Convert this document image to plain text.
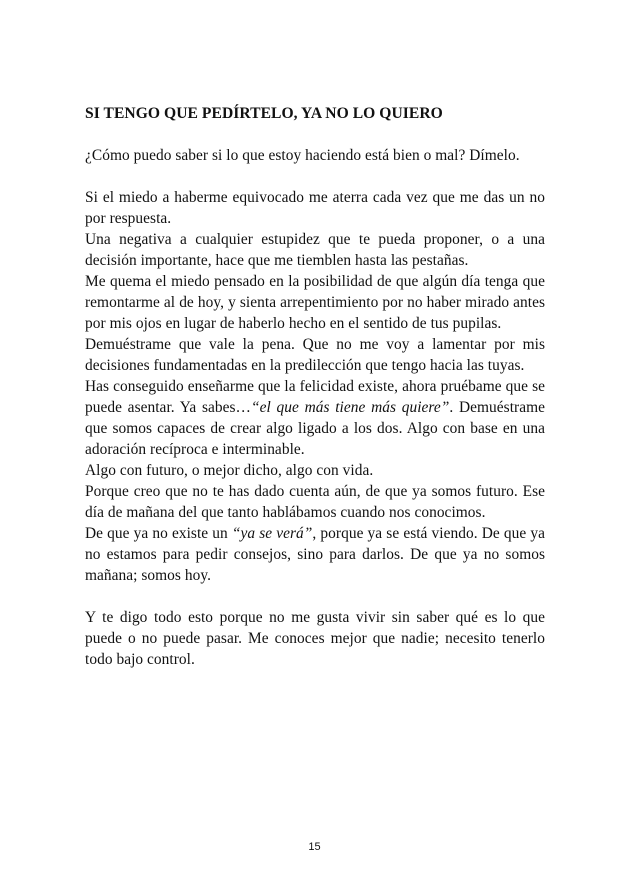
SI TENGO QUE PEDÍRTELO, YA NO LO QUIERO

¿Cómo puedo saber si lo que estoy haciendo está bien o mal? Dímelo.

Si el miedo a haberme equivocado me aterra cada vez que me das un no por respuesta.

Una negativa a cualquier estupidez que te pueda proponer, o a una decisión importante, hace que me tiemblen hasta las pestañas.

Me quema el miedo pensado en la posibilidad de que algún día tenga que remontarme al de hoy, y sienta arrepentimiento por no haber mirado antes por mis ojos en lugar de haberlo hecho en el sentido de tus pupilas.

Demuéstrame que vale la pena. Que no me voy a lamentar por mis decisiones fundamentadas en la predilección que tengo hacia las tuyas.

Has conseguido enseñarme que la felicidad existe, ahora pruébame que se puede asentar. Ya sabes…“el que más tiene más quiere”. Demuéstrame que somos capaces de crear algo ligado a los dos. Algo con base en una adoración recíproca e interminable.

Algo con futuro, o mejor dicho, algo con vida.

Porque creo que no te has dado cuenta aún, de que ya somos futuro. Ese día de mañana del que tanto hablábamos cuando nos conocimos.

De que ya no existe un “ya se verá”, porque ya se está viendo. De que ya no estamos para pedir consejos, sino para darlos. De que ya no somos mañana; somos hoy.

Y te digo todo esto porque no me gusta vivir sin saber qué es lo que puede o no puede pasar. Me conoces mejor que nadie; necesito tenerlo todo bajo control.

15
